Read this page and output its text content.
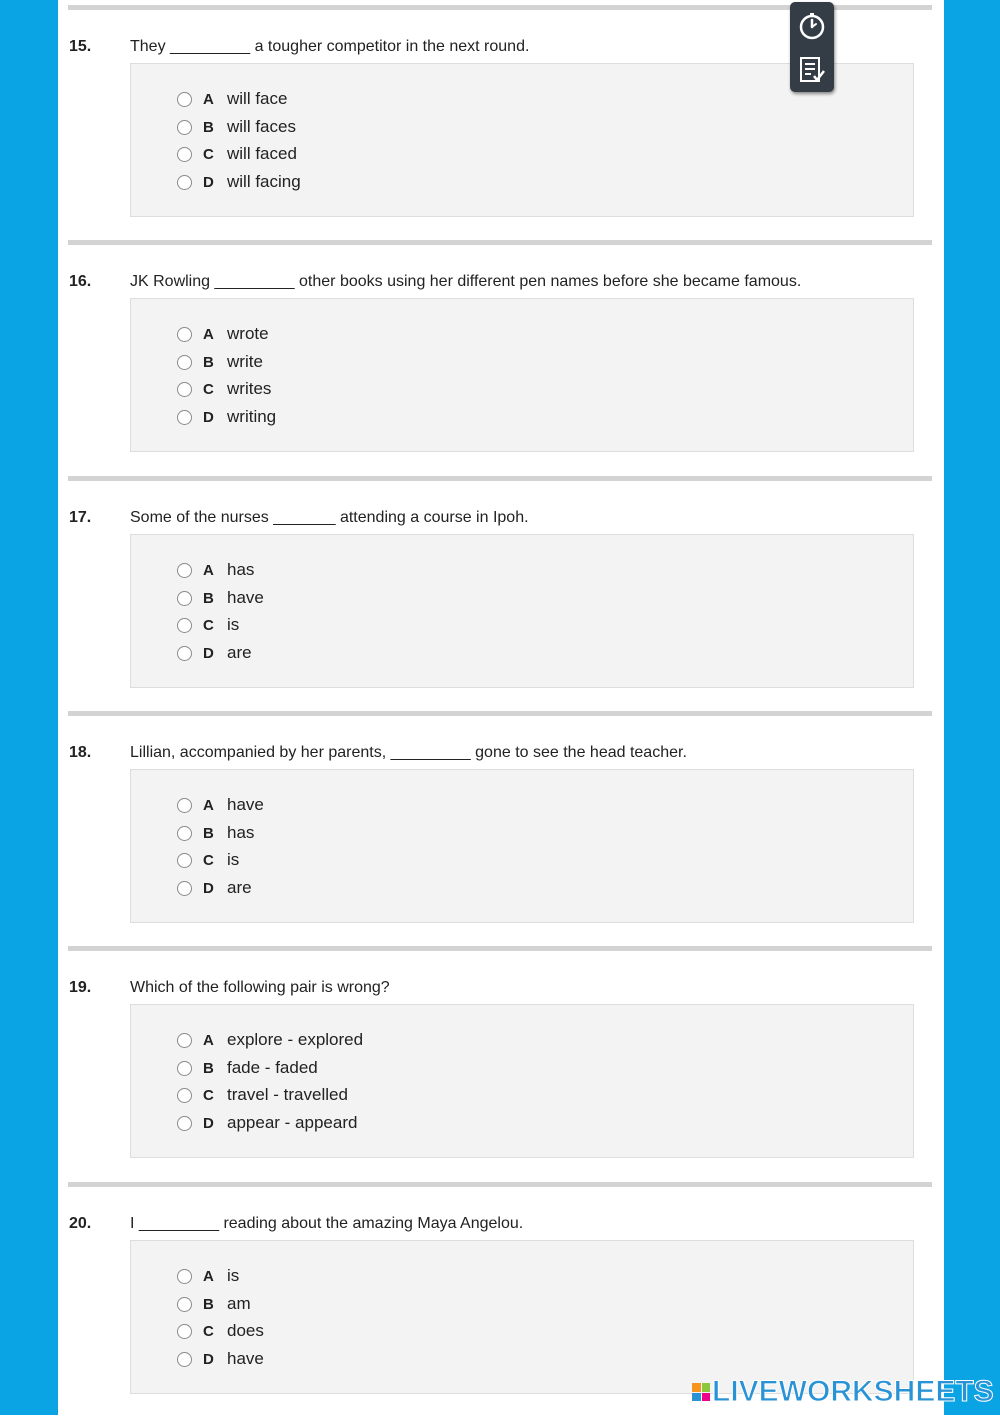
15. They _________ a tougher competitor in the next round.
A will face
B will faces
C will faced
D will facing
16. JK Rowling _________ other books using her different pen names before she became famous.
A wrote
B write
C writes
D writing
17. Some of the nurses _______ attending a course in Ipoh.
A has
B have
C is
D are
18. Lillian, accompanied by her parents, _________ gone to see the head teacher.
A have
B has
C is
D are
19. Which of the following pair is wrong?
A explore - explored
B fade - faded
C travel - travelled
D appear - appeard
20. I _________ reading about the amazing Maya Angelou.
A is
B am
C does
D have
LIVEWORKSHEETS
